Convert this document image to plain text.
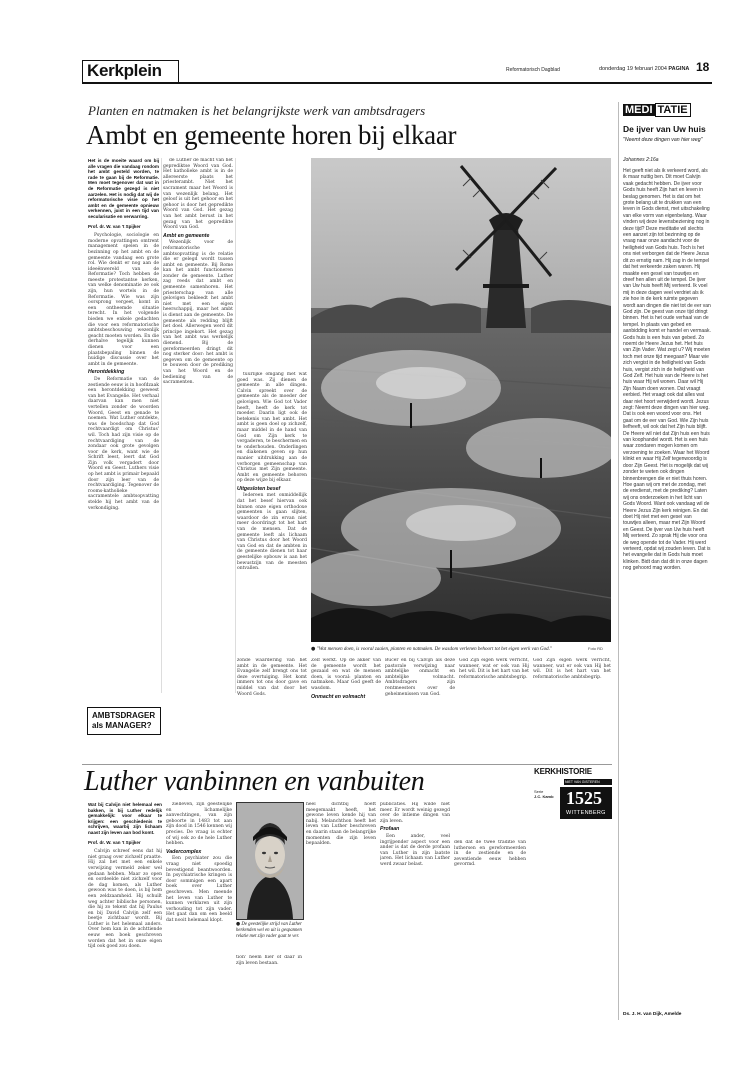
Kerkplein	Reformatorisch Dagblad	donderdag 19 februari 2004 PAGINA 18
Planten en natmaken is het belangrijkste werk van ambtsdragers
Ambt en gemeente horen bij elkaar

Het is de moeite waard om bij alle vragen die vandaag rondom het ambt gesteld worden, te rade te gaan bij de Reformatie. Men moet tegenover dat wat in de Reformatie gezegd is niet aarzelen. Het is nodig dat wij de reformatorische visie op het ambt en de gemeente opnieuw verkennen, juist in een tijd van secularisatie en verwarring.

Prof. dr. W. van 't Spijker

Psychologie, sociologie en moderne opvattingen omtrent management spelen in de bezinning op het ambt en de gemeente vandaag een grote rol. Wie denkt er nog aan de ideeënwereld van de Reformatie? Toch hebben de meeste protestantse kerken, van welke denominatie ze ook zijn, hun wortels in de Reformatie. Wie was zijn oorsprong vergeet, komt in een ontheemde situatie terecht. In het volgende bieden we enkele gedachten die voor een reformatorische ambtsbeschouwing wezenlijk geacht moeten worden. En die derhalve tegelijk kunnen dienen voor een plaatsbepaling binnen de huidige discussie over het ambt in de gemeente.

Herontdekking

De Reformatie van de zestiende eeuw is in hoofdzaak een herontdekking geweest van het Evangelie. Het verhaal daarvan kan men niet vertellen zonder de woorden Woord, Geest en genade te noemen. Wat Luther ontdekte, was de boodschap dat God rechtvaardigt om Christus' wil. Toch had zijn visie op de rechtvaardiging van de zondaar ook grote gevolgen voor de kerk, want wie de Schrift leest, leert dat God Zijn volk vergadert door Woord en Geest. Luthers visie op het ambt is primair bepaald door zijn leer van de rechtvaardiging. Tegenover de rooms-katholieke sacramentele ambtsopvatting stelde hij het ambt van de verkondiging.

AMBTSDRAGER
als MANAGER?

de Luther de macht van het geprediktse Woord van God. Het katholieke ambt is in de allereerste plaats het priesterambt. Niet het sacrament maar het Woord is van wezenlijk belang. Het geloof is uit het gehoor en het gehoor is door het gepredikte Woord van God. Het gezag van het ambt berust in het gezag van het gepredikte Woord van God.

Ambt en gemeente

Wezenlijk voor de reformatorische ambtsopvatting is de relatie die er gelegd wordt tussen ambt en gemeente. Bij Rome kan het ambt functioneren zonder de gemeente. Luther zag reeds dat ambt en gemeente samenhoren. Het priesterschap van alle gelovigen bekleedt het ambt niet met een eigen heerschappij, maar het ambt is dienst aan de gemeente. De gemeente als redding blijft het doel. Allerwegen werd dit principe ingekort. Het gezag van het ambt was werkelijk dienend. Bij de gereformeerden dringt dit nog sterker door: het ambt is gegeven om de gemeente op te bouwen door de prediking van het Woord en de bediening van de sacramenten.

tuurlijke omgang met wat goed was. Zij dienen de gemeente in alle dingen. Calvin spreekt over de gemeente als de moeder der gelovigen. Wie God tot Vader heeft, heeft de kerk tot moeder. Daarin ligt ook de betekenis van het ambt. Het ambt is geen doel op zichzelf, maar middel in de hand van God om Zijn kerk te vergaderen, te beschermen en te onderhouden. Onderlingen en diakenen geven op hun manier uitdrukking aan de verborgen gemeenschap van Christus met Zijn gemeente. Ambt en gemeente behoren op deze wijze bij elkaar.

Uitgesloten besef

Iedereen met onmiddellijk dat het besef hiervan ook binnen onze eigen orthodoxe gemeenten is gaan slijten, waardoor de zin ervan niet meer doordringt tot het hart van de mensen. Dat de gemeente leeft als lichaam van Christus door het Woord van God en dat de ambten in de gemeente dienen tot haar geestelijke opbouw is aan het bewustzijn van de meesten ontvallen.

● "Wat mensen doen, is vooral zaaien, planten en natmaken. De wasdom verlenen behoort tot het eigen werk van God."	Foto RD

zonde waardering van het ambt in de gemeente. Het Evangelie zelf brengt ons tot deze overtuiging. Het komt immers tot ons door gave en middel van dat door het Woord Gods.

Zelf werkt. Op de akker van de gemeente wordt het gezaaid en wat de mensen doen, is vooral: planten en natmaken. Maar God geeft de wasdom.

Onmacht en volmacht

Bucer en bij Calvijn als deze pastorale verwijzing naar ambtelijke onmacht en ambtelijke volmacht. Ambtsdragers zijn rentmeesters over de geheimenissen van God.

God Zijn eigen werk verricht, wanneer, wat er ook van Hij het wil. Dit is het hart van het reformatorische ambtsbegrip.

God Zijn eigen werk verricht, wanneer, wat er ook van Hij het wil. Dit is het hart van het reformatorische ambtsbegrip.

MEDI TATIE
De ijver van Uw huis
"Neemt deze dingen van hier weg"
Johannes 2:16a

Het geeft niet als ik verkeerd word, als ik maar nuttig ben. Dit moet Calvijn vaak gedacht hebben. De ijver voor Gods huis heeft Zijn hart en leven in beslag genomen. Het is dat om het grote belang uit te drukken van een leven in Gods dienst, met uitschakeling van elke vorm van eigenbelang. Waar vinden wij deze levensbeziening nog in deze tijd? Deze meditatie wil slechts een aanzet zijn tot bezinning op de vraag naar onze aandacht voor de heiligheid van Gods huis. Toch is het ons niet verborgen dat de Heere Jezus dit zo ernstig nam. Hij zag in de tempel dat het verkeerde zaken waren. Hij maakte een gesel van touwtjes en dreef hen allen uit de tempel. De ijver van Uw huis heeft Mij verteerd. Ik voel mij in deze dagen veel verdriet als ik zie hoe in de kerk ruimte gegeven wordt aan dingen die niet tot de eer van God zijn. De geest van onze tijd dringt binnen. Het is het oude verhaal van de tempel. In plaats van gebed en aanbidding komt er handel en vermaak. Gods huis is een huis van gebed. Zo noemt de Heere Jezus het. Het huis van Zijn Vader. Wat zegt u? Wij moeten toch met onze tijd meegaan? Maar wie zich vergist in de heiligheid van Gods huis, vergist zich in de heiligheid van God Zelf. Het huis van de Heere is het huis waar Hij wil wonen. Daar wil Hij Zijn Naam doen wonen. Dat vraagt eerbied. Het vraagt ook dat alles wat daar niet hoort verwijderd wordt. Jezus zegt: Neemt deze dingen van hier weg. Dat is ook een woord voor ons. Het gaat om de eer van God. Wie Zijn huis liefheeft, wil ook dat het Zijn huis blijft. De Heere wil niet dat Zijn huis een huis van koophandel wordt. Het is een huis waar zondaren mogen komen om verzoening te zoeken. Waar het Woord klinkt en waar Hij Zelf tegenwoordig is door Zijn Geest. Het is mogelijk dat wij zonder te weten ook dingen binnenbrengen die er niet thuis horen. Hoe gaan wij om met de zondag, met de eredienst, met de prediking? Laten wij ons onderzoeken in het licht van Gods Woord. Want ook vandaag wil de Heere Jezus Zijn kerk reinigen. En dat doet Hij niet met een gesel van touwtjes alleen, maar met Zijn Woord en Geest. De ijver van Uw huis heeft Mij verteerd. Zo sprak Hij die voor ons de weg opende tot de Vader. Hij werd verteerd, opdat wij zouden leven. Dat is het evangelie dat in Gods huis moet klinken. Bidt dan dat dit in onze dagen nog gehoord mag worden.

Ds. J. H. van Dijk, Amelde
Luther vanbinnen en vanbuiten	KERKHISTORIE
NIET VAN GISTEREN
Serie
J.C. Kamb 1525
WITTENBERG

Wat bij Calvijn niet helemaal een bakken, is bij Luther redelijk gemakkelijk: voor elkaar te krijgen: een geschiedenis te schrijven, waarbij zijn lichaam naast zijn leven aan bod komt.

Prof. dr. W. van 't Spijker

Calvijn schreef eens dat hij niet graag over zichzelf praatte. Hij zal het met een enkele verwijzing vermeld zeker wel gedaan hebben. Maar zo open en oordeelde niet zichzelf voor de dag komen, als Luther gewoon was te doen, is bij hem een zeldzaamheid. Hij schuilt weg achter biblische personen, die hij zo tekent dat hij Paulus en bij David Calvijn zelf een beetje zichtbaar wordt. Bij Luther is het helemaal anders. Over hem kan in de achttiende eeuw een boek geschreven worden dat het in onze eigen tijd ook goed zou doen.

zielleven, zijn geestelijke en lichamelijke aanvechtingen, van zijn geboorte in 1483 tot aan zijn dood in 1546 kennen wij precies. De vraag is echter of wij ook zo de hele Luther hebben.

Vadercomplex

Een psychiater zou die vraag niet spoedig bevestigend beantwoorden. In psychiatrische kringen is door sommigen een apart boek over Luther geschreven. Men meende het leven van Luther te kunnen verklaren uit zijn verhouding tot zijn vader. Het gaat dan om een beeld dat nooit helemaal klopt.

● De geestelijke strijd van Luther herkenden wel en uit is gespannen relatie met zijn vader gaat te ver.

tion' heem hier of daar in zijn leven bestaan.

heel dichtbij hoeft meegemaakt heeft, het gewone leven kende hij van nabij. Melanchthon heeft het leven van Luther beschreven en daarin staan de belangrijke momenten die zijn leven bepaalden.

publicaties. Hij wilde niet meer. Er wordt weinig gezegd over de intieme dingen van zijn leven.

Profaan

Een ander, veel ingrijpender aspect voor een ander is dat de derde profaan van Luther in zijn laatste jaren. Het lichaam van Luther werd zwaar belast.

den dat de twee traditie van luthersen en gereformeerden in de zestiende en de zeventiende eeuw hebben gevormd.
